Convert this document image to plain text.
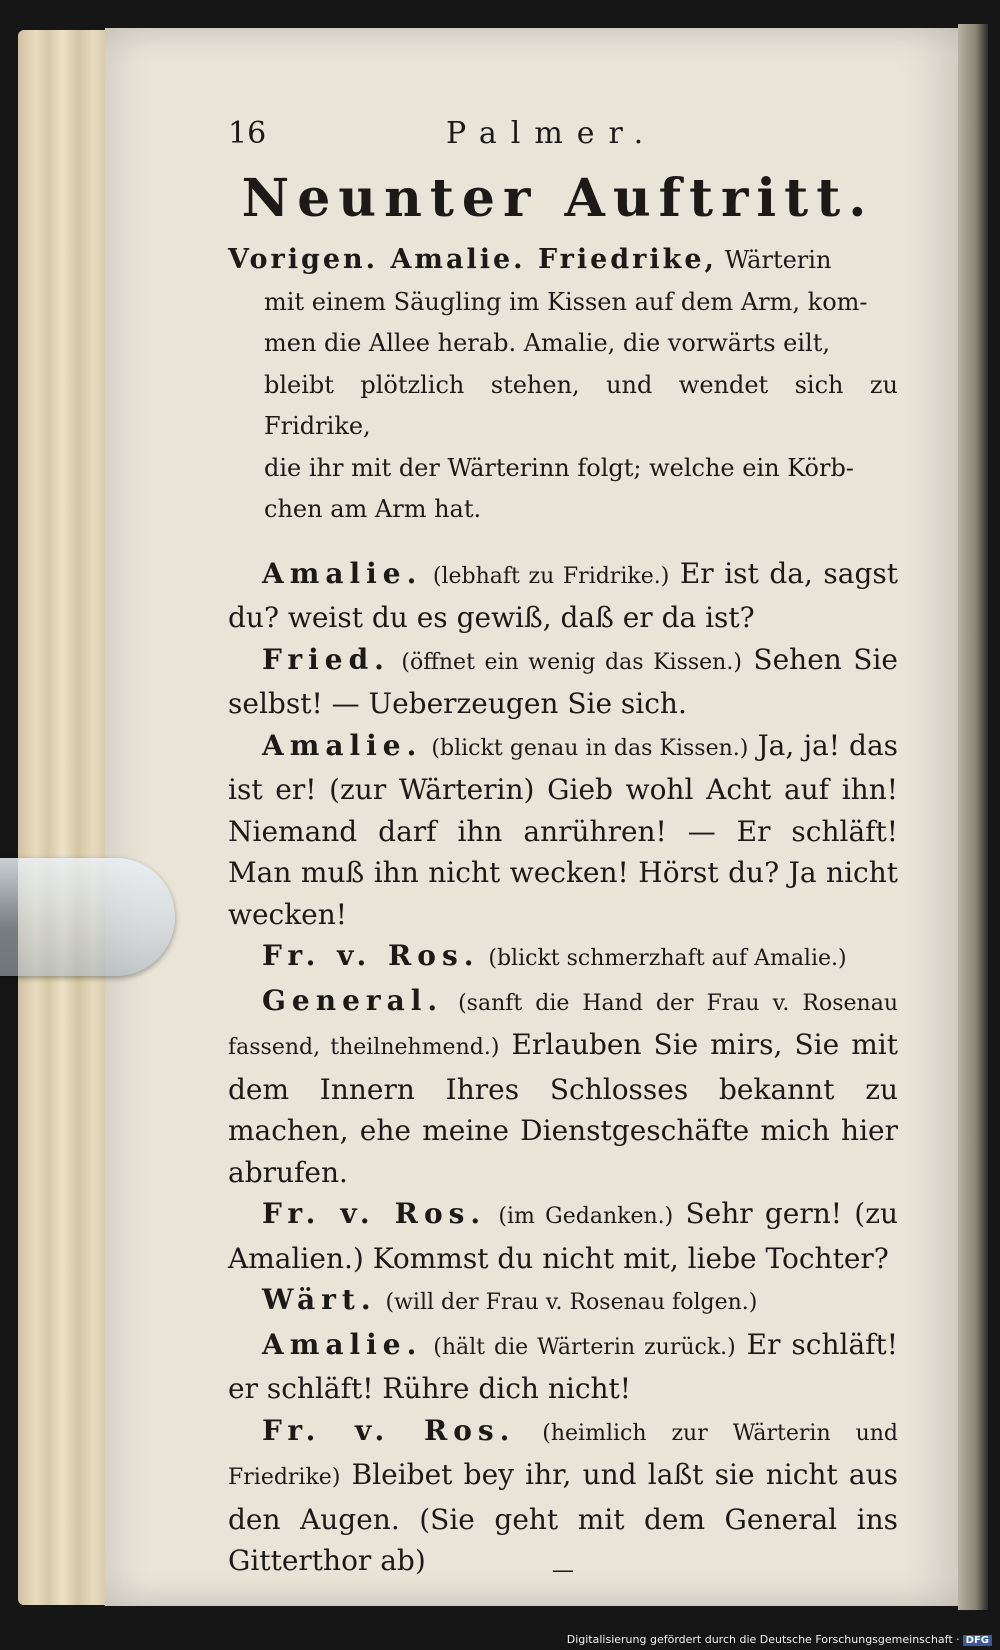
16	Palmer.
Neunter Auftritt.
Vorigen. Amalie. Friedrike, Wärterin
mit einem Säugling im Kissen auf dem Arm, kom-
men die Allee herab. Amalie, die vorwärts eilt,
bleibt plötzlich stehen, und wendet sich zu Fridrike,
die ihr mit der Wärterinn folgt; welche ein Körb-
chen am Arm hat.

Amalie. (lebhaft zu Fridrike.) Er ist da, sagst du? weist du es gewiß, daß er da ist?

Fried. (öffnet ein wenig das Kissen.) Sehen Sie selbst! — Ueberzeugen Sie sich.

Amalie. (blickt genau in das Kissen.) Ja, ja! das ist er! (zur Wärterin) Gieb wohl Acht auf ihn! Niemand darf ihn anrühren! — Er schläft! Man muß ihn nicht wecken! Hörst du? Ja nicht wecken!

Fr. v. Ros. (blickt schmerzhaft auf Amalie.)

General. (sanft die Hand der Frau v. Rosenau fassend, theilnehmend.) Erlauben Sie mirs, Sie mit dem Innern Ihres Schlosses bekannt zu machen, ehe meine Dienstgeschäfte mich hier abrufen.

Fr. v. Ros. (im Gedanken.) Sehr gern! (zu Amalien.) Kommst du nicht mit, liebe Tochter?

Wärt. (will der Frau v. Rosenau folgen.)

Amalie. (hält die Wärterin zurück.) Er schläft! er schläft! Rühre dich nicht!

Fr. v. Ros. (heimlich zur Wärterin und Friedrike) Bleibet bey ihr, und laßt sie nicht aus den Augen. (Sie geht mit dem General ins Gitterthor ab)	—
Digitalisierung gefördert durch die Deutsche Forschungsgemeinschaft · DFG
